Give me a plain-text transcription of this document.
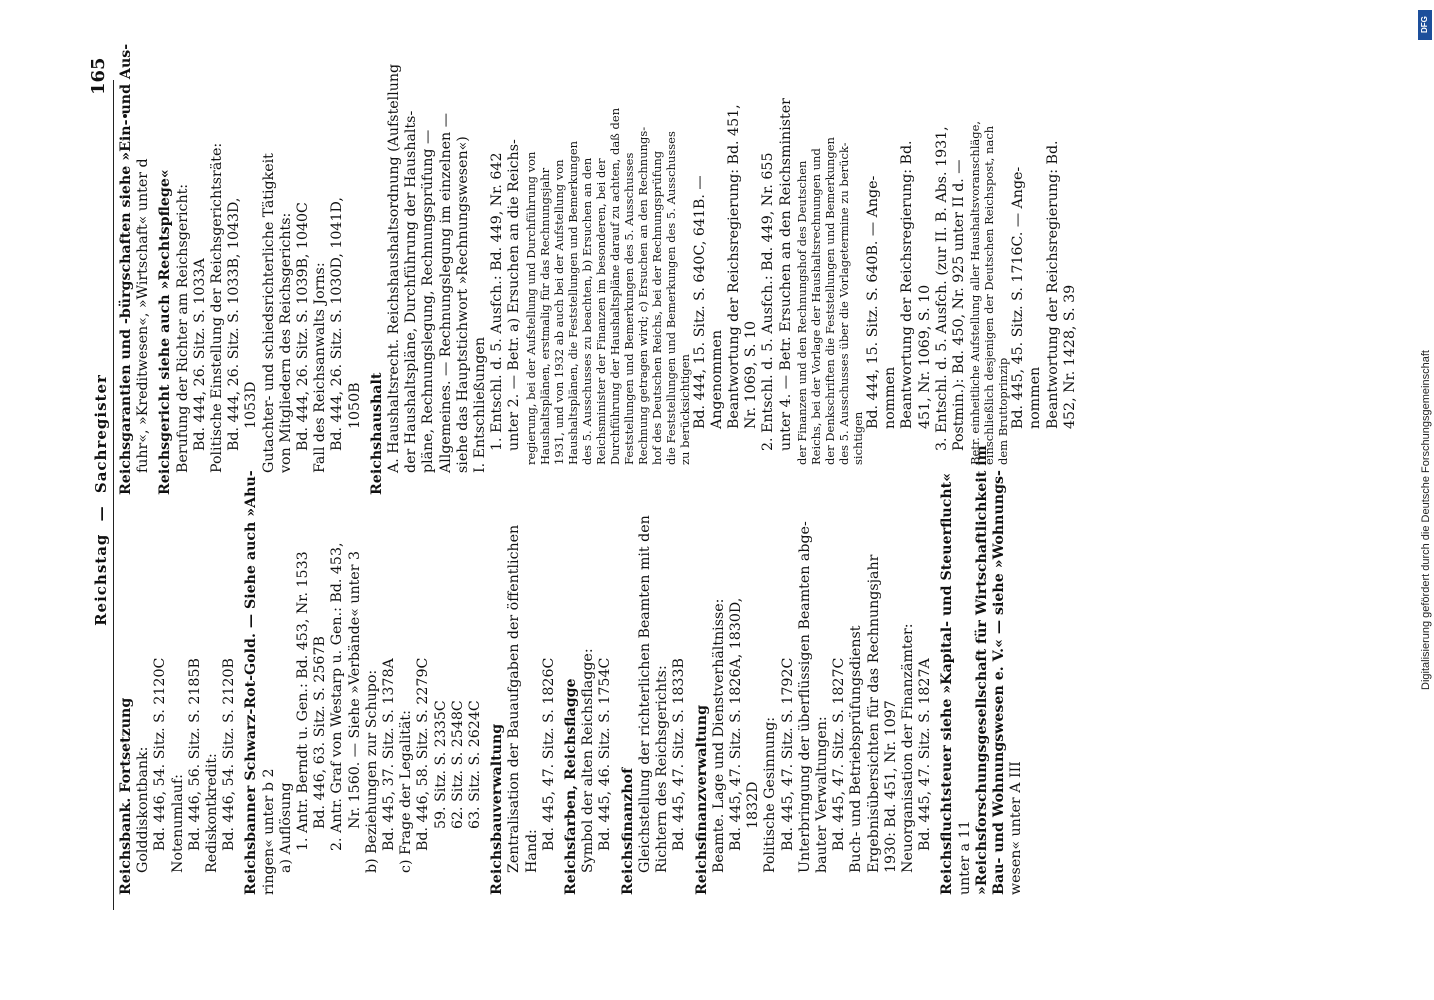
Reichstag — Sachregister
165

Reichsbank. Fortsetzung Golddiskontbank: Bd. 446, 54. Sitz. S. 2120C Notenumlauf: Bd. 446, 56. Sitz. S. 2185B Rediskontkredit: Bd. 446, 54. Sitz. S. 2120B Reichsbanner Schwarz-Rot-Gold. — Siehe auch »Ahu- ringen« unter b 2 a) Auflösung 1. Antr. Berndt u. Gen.: Bd. 453, Nr. 1533 Bd. 446, 63. Sitz. S. 2567B 2. Antr. Graf von Westarp u. Gen.: Bd. 453, Nr. 1560. — Siehe »Verbände« unter 3 b) Beziehungen zur Schupo: Bd. 445, 37. Sitz. S. 1378A c) Frage der Legalität: Bd. 446, 58. Sitz. S. 2279C 59. Sitz. S. 2335C 62. Sitz. S. 2548C 63. Sitz. S. 2624C Reichsbauverwaltung Zentralisation der Bauaufgaben der öffentlichen Hand:

Bd. 445, 47. Sitz. S. 1826C Reichsfarben, Reichsflagge Symbol der alten Reichsflagge: Bd. 445, 46. Sitz. S. 1754C Reichsfinanzhof Gleichstellung der richterlichen Beamten mit den Richtern des Reichsgerichts: Bd. 445, 47. Sitz. S. 1833B Reichsfinanzverwaltung Beamte. Lage und Dienstverhältnisse: Bd. 445, 47. Sitz. S. 1826A, 1830D, 1832D Politische Gesinnung: Bd. 445, 47. Sitz. S. 1792C Unterbringung der überflüssigen Beamten abge- bauter Verwaltungen: Bd. 445, 47. Sitz. S. 1827C Buch- und Betriebsprüfungsdienst Ergebnisübersichten für das Rechnungsjahr 1930: Bd. 451, Nr. 1097 Neuorganisation der Finanzämter: Bd. 445, 47. Sitz. S. 1827A Reichsfluchtsteuer siehe »Kapital- und Steuerflucht« unter a 11 »Reichsforschungsgesellschaft für Wirtschaftlichkeit im Bau- und Wohnungswesen e. V.« — siehe »Wohnungs- wesen« unter A III

Reichsgarantien und -bürgschaften siehe »Ein- und Aus- fuhr«, »Kreditwesen«, »Wirtschaft« unter d Reichsgericht siehe auch »Rechtspflege« Berufung der Richter am Reichsgericht: Bd. 444, 26. Sitz. S. 1033A Politische Einstellung der Reichsgerichtsräte: Bd. 444, 26. Sitz. S. 1033B, 1043D, 1053D Gutachter- und schiedsrichterliche Tätigkeit von Mitgliedern des Reichsgerichts: Bd. 444, 26. Sitz. S. 1039B, 1040C Fall des Reichsanwalts Jorns: Bd. 444, 26. Sitz. S. 1030D, 1041D, 1050B Reichshaushalt A. Haushaltsrecht. Reichshaushaltsordnung (Aufstellung der Haushaltspläne, Durchführung der Haushalts- pläne, Rechnungslegung, Rechnungsprüfung — Allgemeines. — Rechnungslegung im einzelnen — siehe das Hauptstichwort »Rechnungswesen«) I. Entschließungen 1. Entschl. d. 5. Ausfch.: Bd. 449, Nr. 642 unter 2. — Betr. a) Ersuchen an die Reichs- regierung, bei der Aufstellung und Durchführung von Haushaltsplänen, erstmalig für das Rechnungsjahr 1931, und von 1932 ab auch bei der Aufstellung von Haushaltsplänen, die Feststellungen und Bemerkungen des 5. Ausschusses zu beachten, b) Ersuchen an den Reichsminister der Finanzen im besonderen, bei der Durchführung der Haushaltspläne darauf zu achten, daß den Feststellungen und Bemerkungen des 5. Ausschusses Rechnung getragen wird; c) Ersuchen an den Rechnungs- hof des Deutschen Reichs, bei der Rechnungsprüfung die Feststellungen und Bemerkungen des 5. Ausschusses zu berücksichtigen Bd. 444, 15. Sitz. S. 640C, 641B. — Angenommen Beantwortung der Reichsregierung: Bd. 451, Nr. 1069, S. 10 2. Entschl. d. 5. Ausfch.: Bd. 449, Nr. 655 unter 4. — Betr. Ersuchen an den Reichsminister der Finanzen und den Rechnungshof des Deutschen Reichs, bei der Vorlage der Haushaltsrechnungen und der Denkschriften die Feststellungen und Bemerkungen des 5. Ausschusses über die Vorlagetermine zu berück- sichtigen

Bd. 444, 15. Sitz. S. 640B. — Ange- nommen Beantwortung der Reichsregierung: Bd. 451, Nr. 1069, S. 10 3. Entschl. d. 5. Ausfch. (zur II. B. Abs. 1931, Postmin.): Bd. 450, Nr. 925 unter II d. — Betr. einheitliche Aufstellung aller Haushaltsvoranschläge, einschließlich desjenigen der Deutschen Reichspost, nach dem Bruttoprinzip Bd. 445, 45. Sitz. S. 1716C. — Ange- nommen Beantwortung der Reichsregierung: Bd. 452, Nr. 1428, S. 39

DFG
Digitalisierung gefördert durch die Deutsche Forschungsgemeinschaft
